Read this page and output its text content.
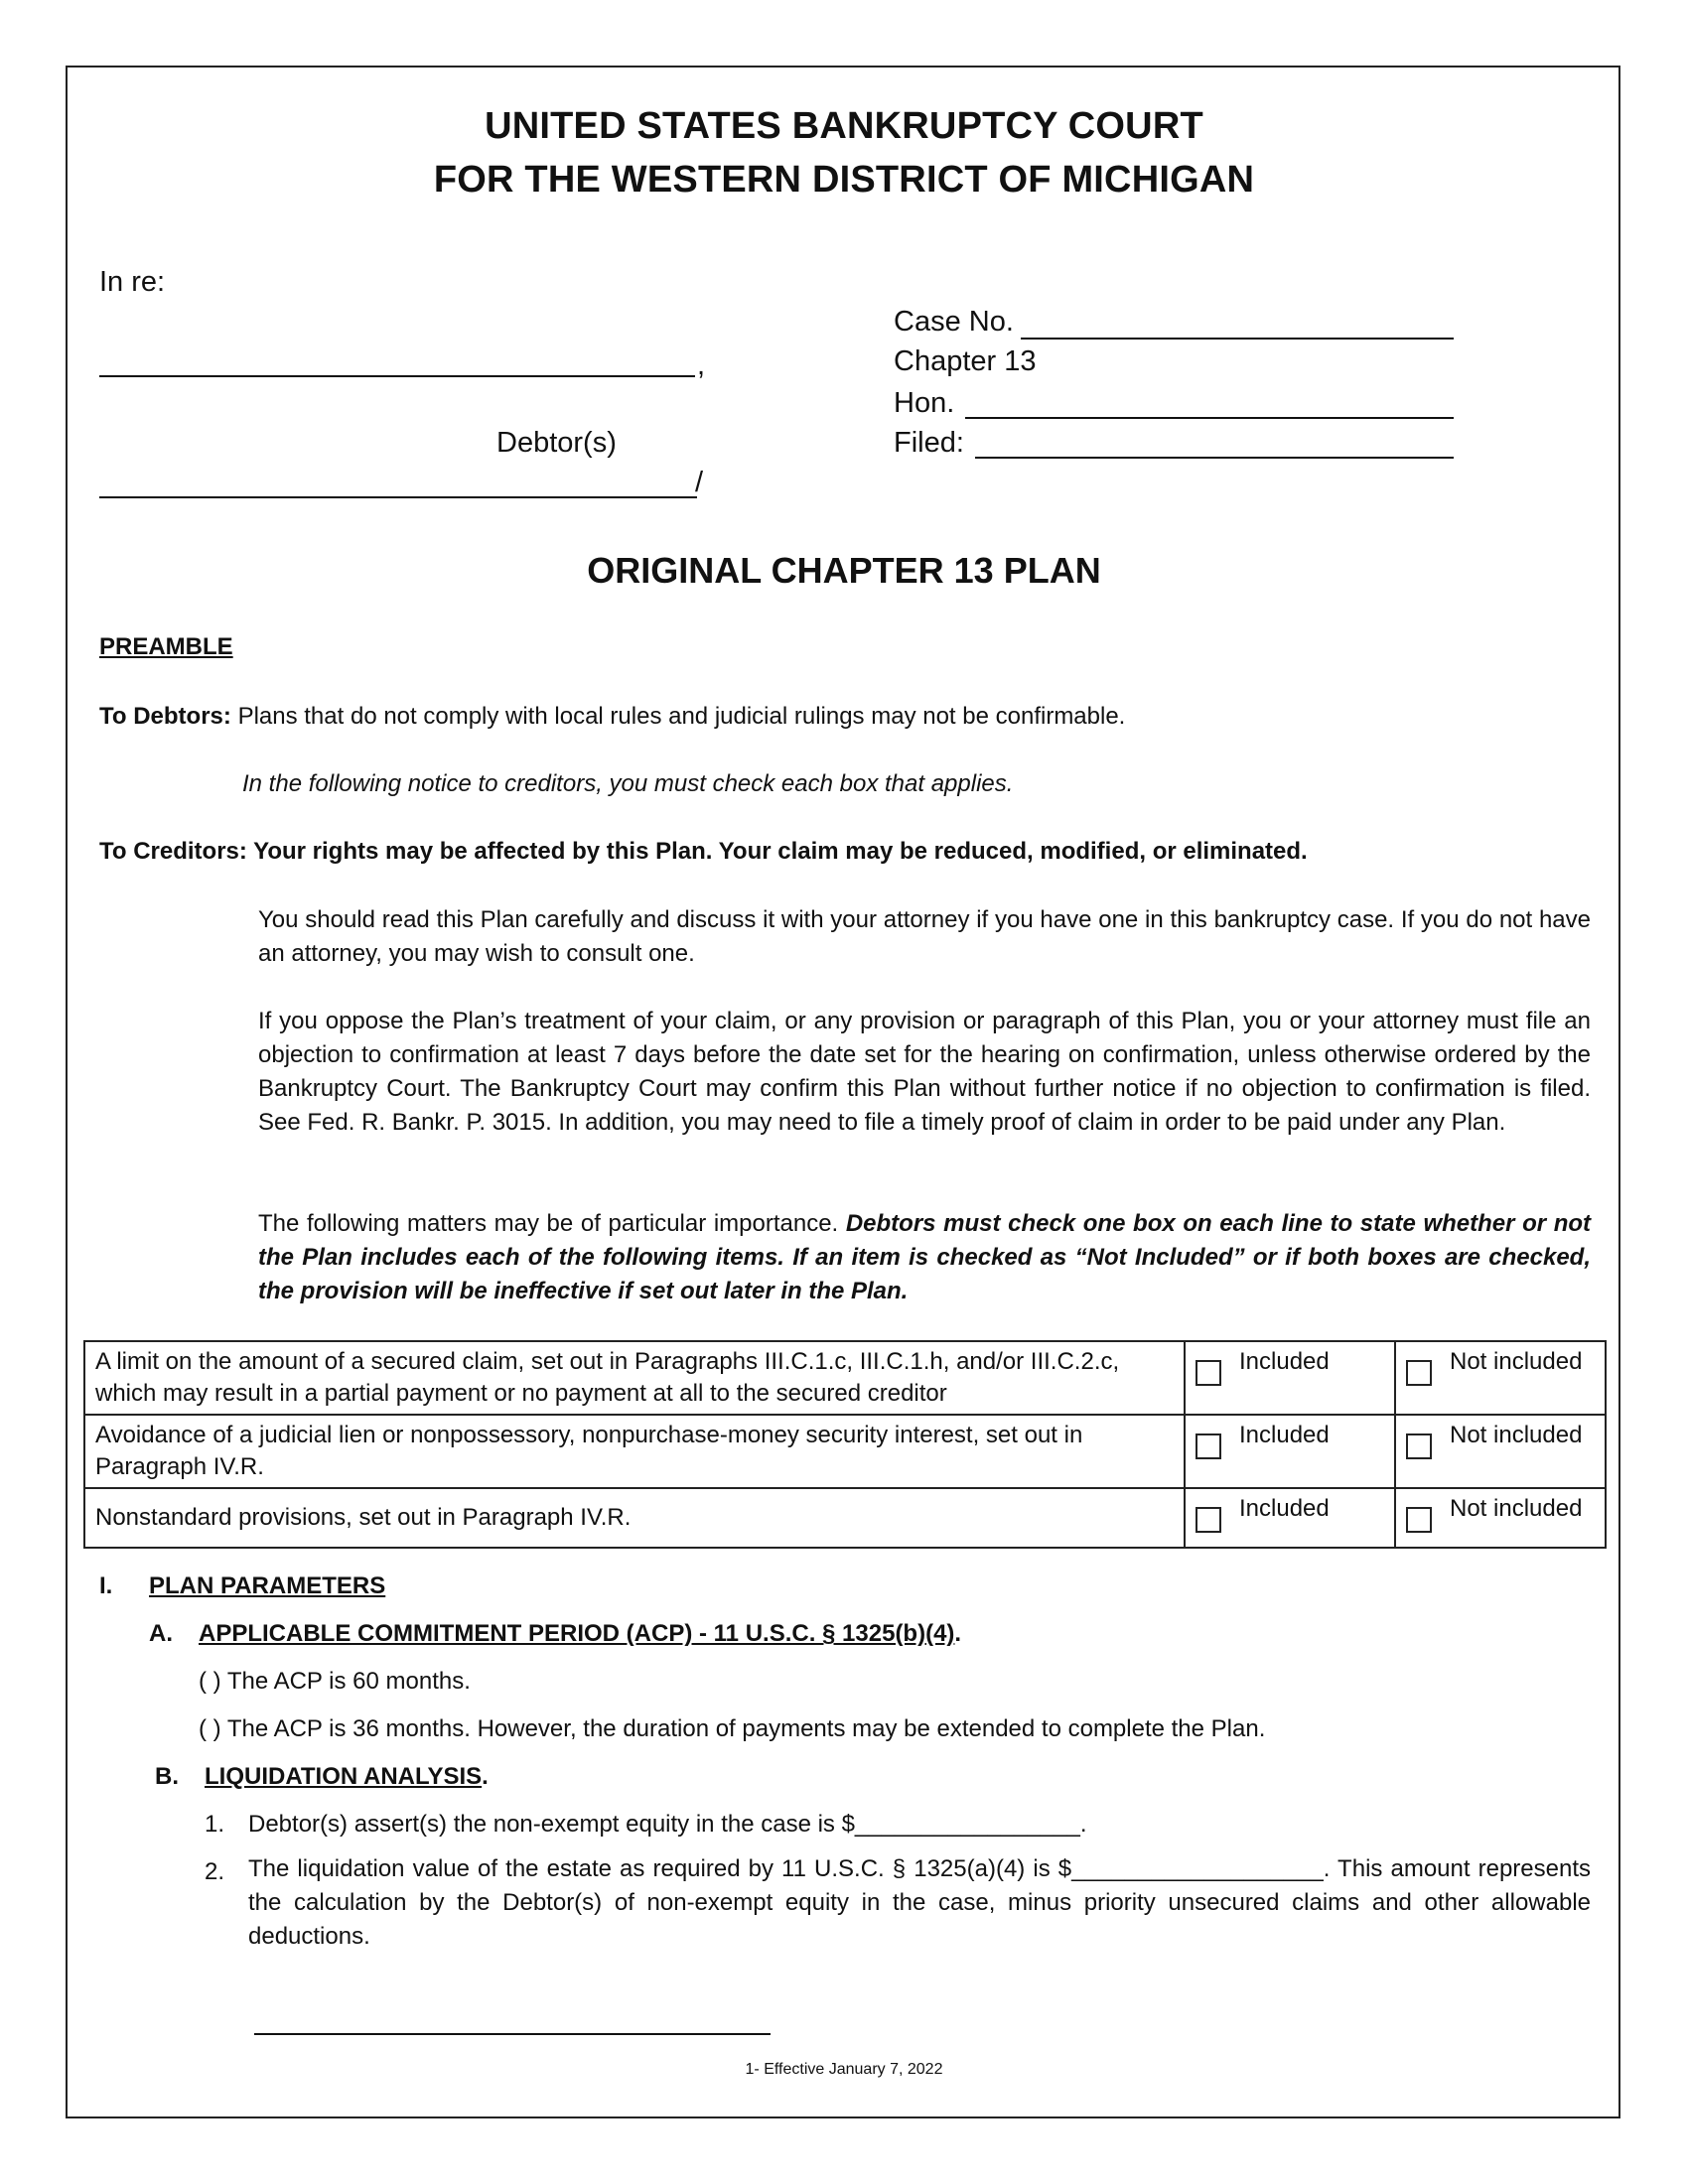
UNITED STATES BANKRUPTCY COURT
FOR THE WESTERN DISTRICT OF MICHIGAN
In re:
,
Debtor(s)
/
Case No.
Chapter 13
Hon.
Filed:
ORIGINAL CHAPTER 13 PLAN
PREAMBLE
To Debtors: Plans that do not comply with local rules and judicial rulings may not be confirmable.
In the following notice to creditors, you must check each box that applies.
To Creditors: Your rights may be affected by this Plan. Your claim may be reduced, modified, or eliminated.
You should read this Plan carefully and discuss it with your attorney if you have one in this bankruptcy case. If you do not have an attorney, you may wish to consult one.
If you oppose the Plan’s treatment of your claim, or any provision or paragraph of this Plan, you or your attorney must file an objection to confirmation at least 7 days before the date set for the hearing on confirmation, unless otherwise ordered by the Bankruptcy Court. The Bankruptcy Court may confirm this Plan without further notice if no objection to confirmation is filed. See Fed. R. Bankr. P. 3015. In addition, you may need to file a timely proof of claim in order to be paid under any Plan.
The following matters may be of particular importance. Debtors must check one box on each line to state whether or not the Plan includes each of the following items. If an item is checked as “Not Included” or if both boxes are checked, the provision will be ineffective if set out later in the Plan.
A limit on the amount of a secured claim, set out in Paragraphs III.C.1.c, III.C.1.h, and/or III.C.2.c, which may result in a partial payment or no payment at all to the secured creditor	Included	Not included
Avoidance of a judicial lien or nonpossessory, nonpurchase-money security interest, set out in Paragraph IV.R.	Included	Not included
Nonstandard provisions, set out in Paragraph IV.R.	Included	Not included
I. PLAN PARAMETERS
A. APPLICABLE COMMITMENT PERIOD (ACP) - 11 U.S.C. § 1325(b)(4).
( ) The ACP is 60 months.
( ) The ACP is 36 months. However, the duration of payments may be extended to complete the Plan.
B. LIQUIDATION ANALYSIS.
1. Debtor(s) assert(s) the non-exempt equity in the case is $_________________.
2. The liquidation value of the estate as required by 11 U.S.C. § 1325(a)(4) is $___________________. This amount represents the calculation by the Debtor(s) of non-exempt equity in the case, minus priority unsecured claims and other allowable deductions.
1- Effective January 7, 2022
